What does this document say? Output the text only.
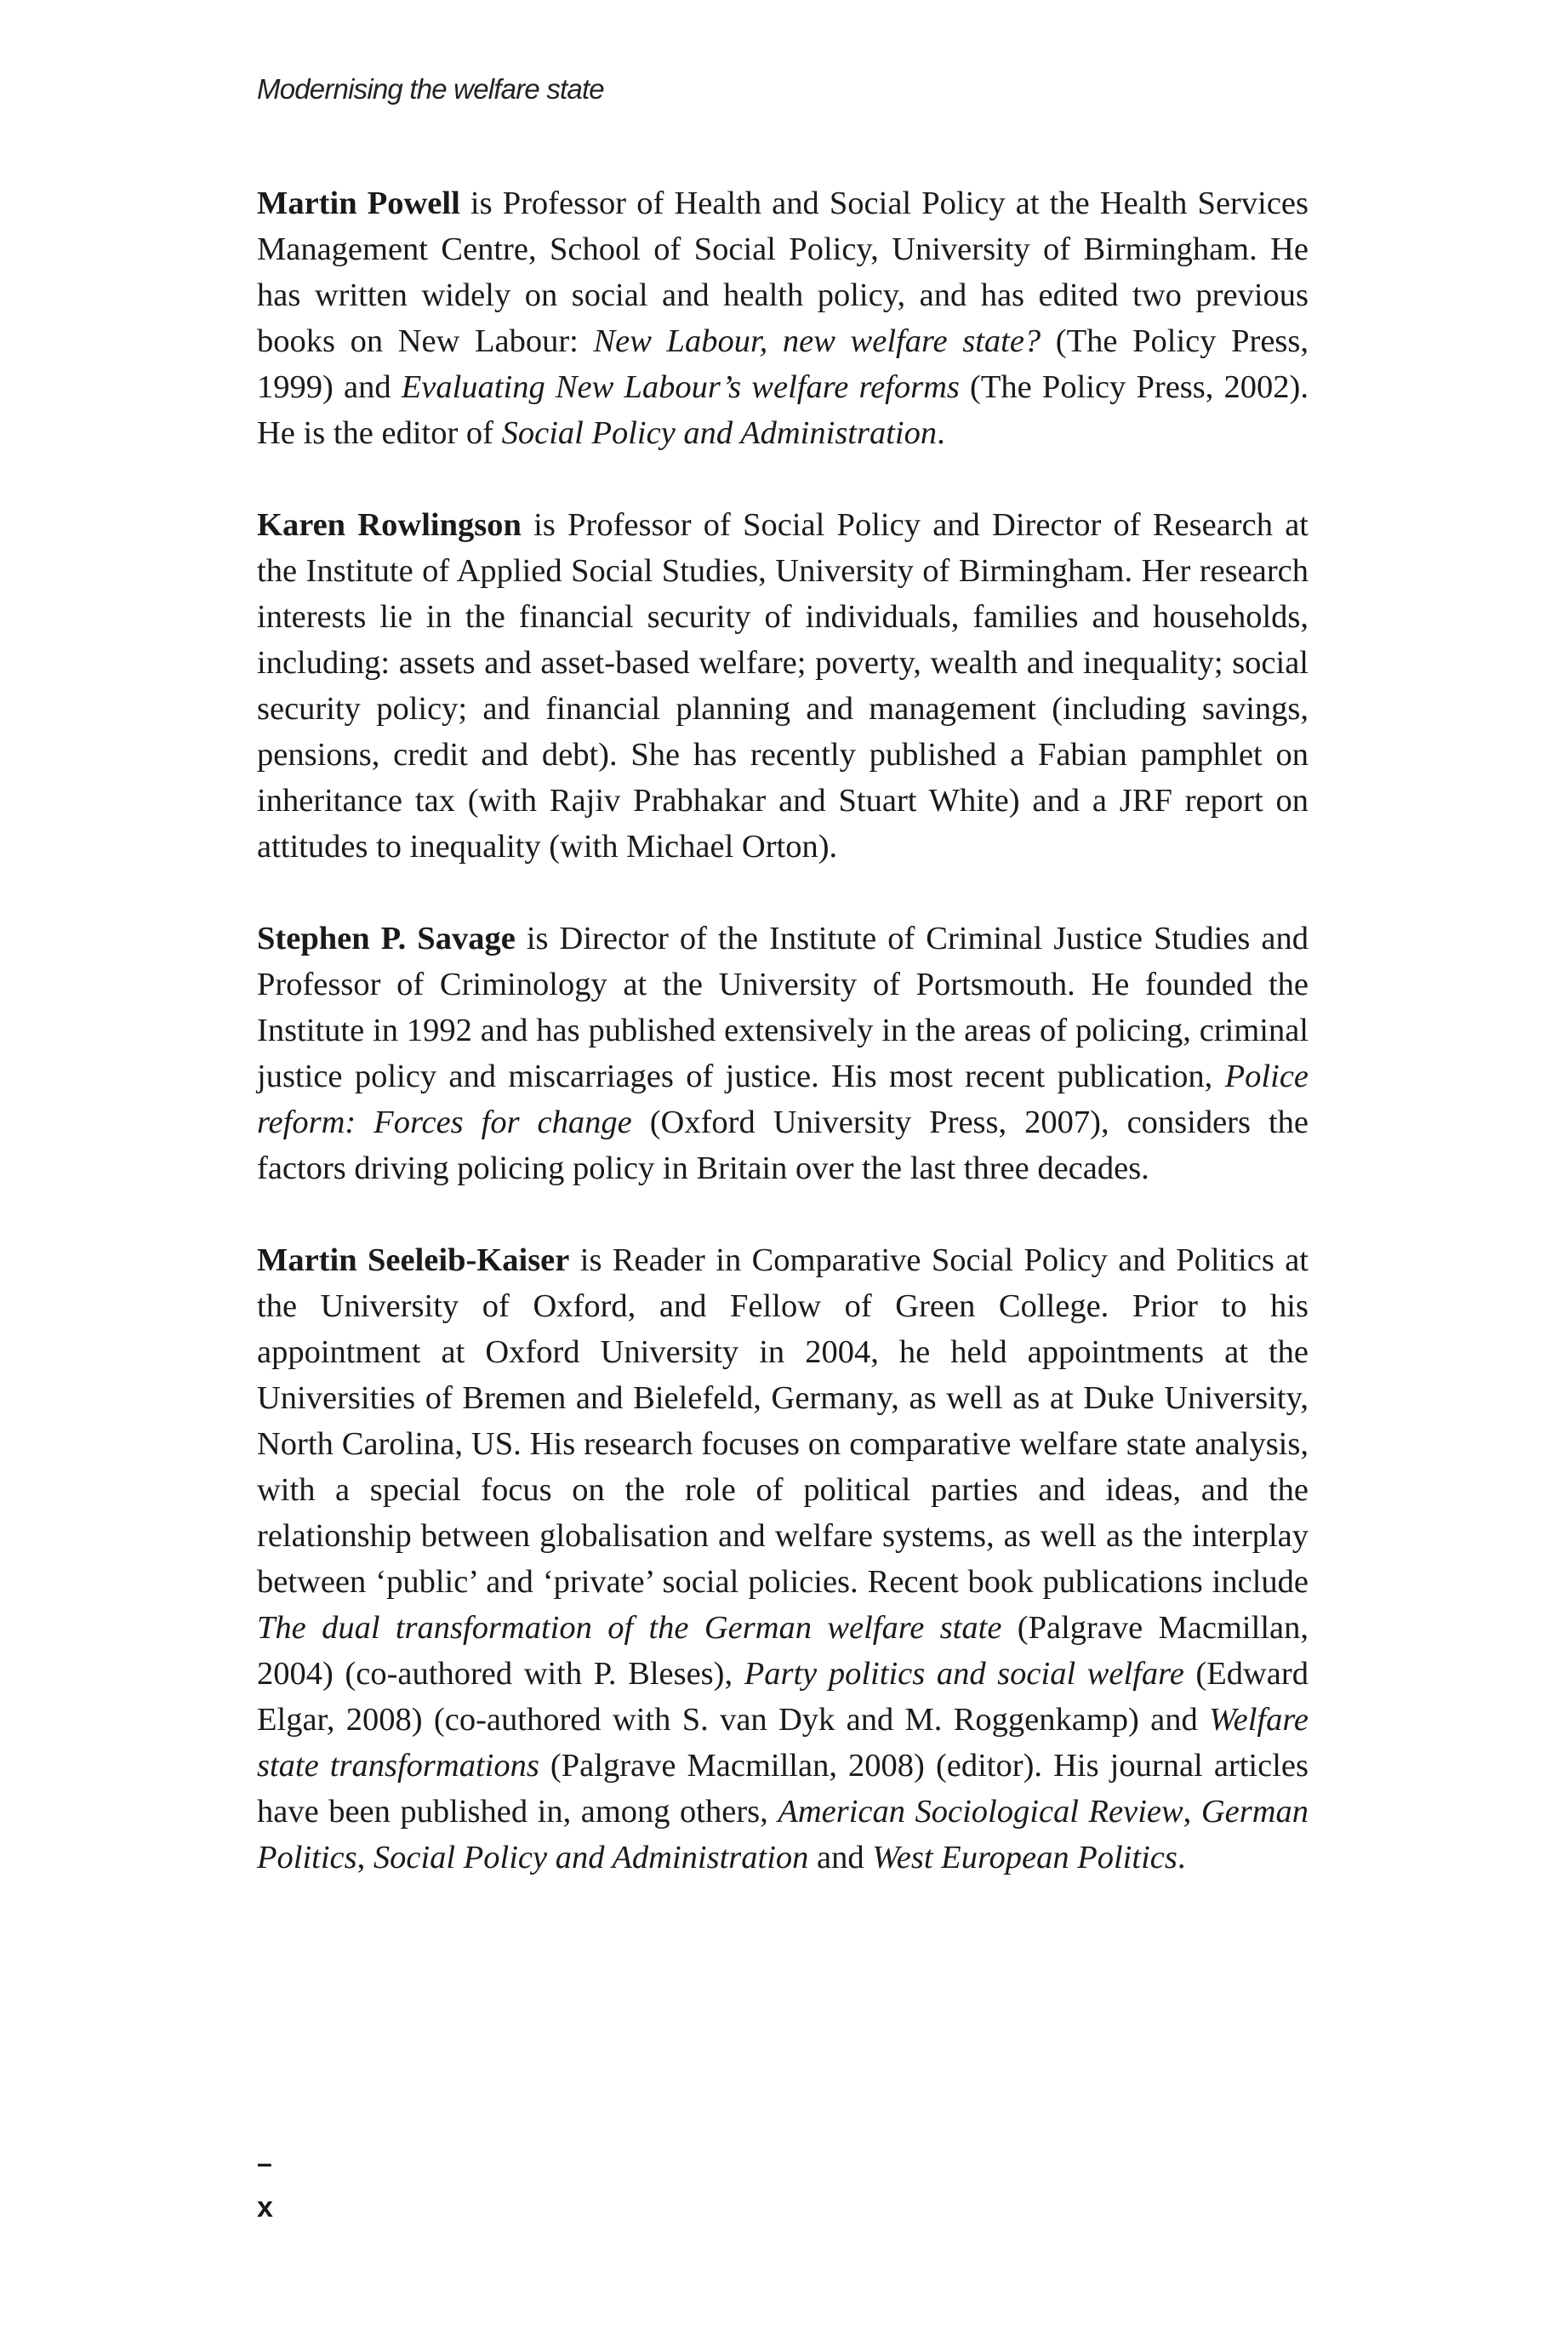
Modernising the welfare state

Martin Powell is Professor of Health and Social Policy at the Health Services Management Centre, School of Social Policy, University of Birmingham. He has written widely on social and health policy, and has edited two previous books on New Labour: New Labour, new welfare state? (The Policy Press, 1999) and Evaluating New Labour’s welfare reforms (The Policy Press, 2002). He is the editor of Social Policy and Administration.

Karen Rowlingson is Professor of Social Policy and Director of Research at the Institute of Applied Social Studies, University of Birmingham. Her research interests lie in the financial security of individuals, families and households, including: assets and asset-based welfare; poverty, wealth and inequality; social security policy; and financial planning and management (including savings, pensions, credit and debt). She has recently published a Fabian pamphlet on inheritance tax (with Rajiv Prabhakar and Stuart White) and a JRF report on attitudes to inequality (with Michael Orton).

Stephen P. Savage is Director of the Institute of Criminal Justice Studies and Professor of Criminology at the University of Portsmouth. He founded the Institute in 1992 and has published extensively in the areas of policing, criminal justice policy and miscarriages of justice. His most recent publication, Police reform: Forces for change (Oxford University Press, 2007), considers the factors driving policing policy in Britain over the last three decades.

Martin Seeleib-Kaiser is Reader in Comparative Social Policy and Politics at the University of Oxford, and Fellow of Green College. Prior to his appointment at Oxford University in 2004, he held appointments at the Universities of Bremen and Bielefeld, Germany, as well as at Duke University, North Carolina, US. His research focuses on comparative welfare state analysis, with a special focus on the role of political parties and ideas, and the relationship between globalisation and welfare systems, as well as the interplay between ‘public’ and ‘private’ social policies. Recent book publications include The dual transformation of the German welfare state (Palgrave Macmillan, 2004) (co-authored with P. Bleses), Party politics and social welfare (Edward Elgar, 2008) (co-authored with S. van Dyk and M. Roggenkamp) and Welfare state transformations (Palgrave Macmillan, 2008) (editor). His journal articles have been published in, among others, American Sociological Review, German Politics, Social Policy and Administration and West European Politics.

–
x
